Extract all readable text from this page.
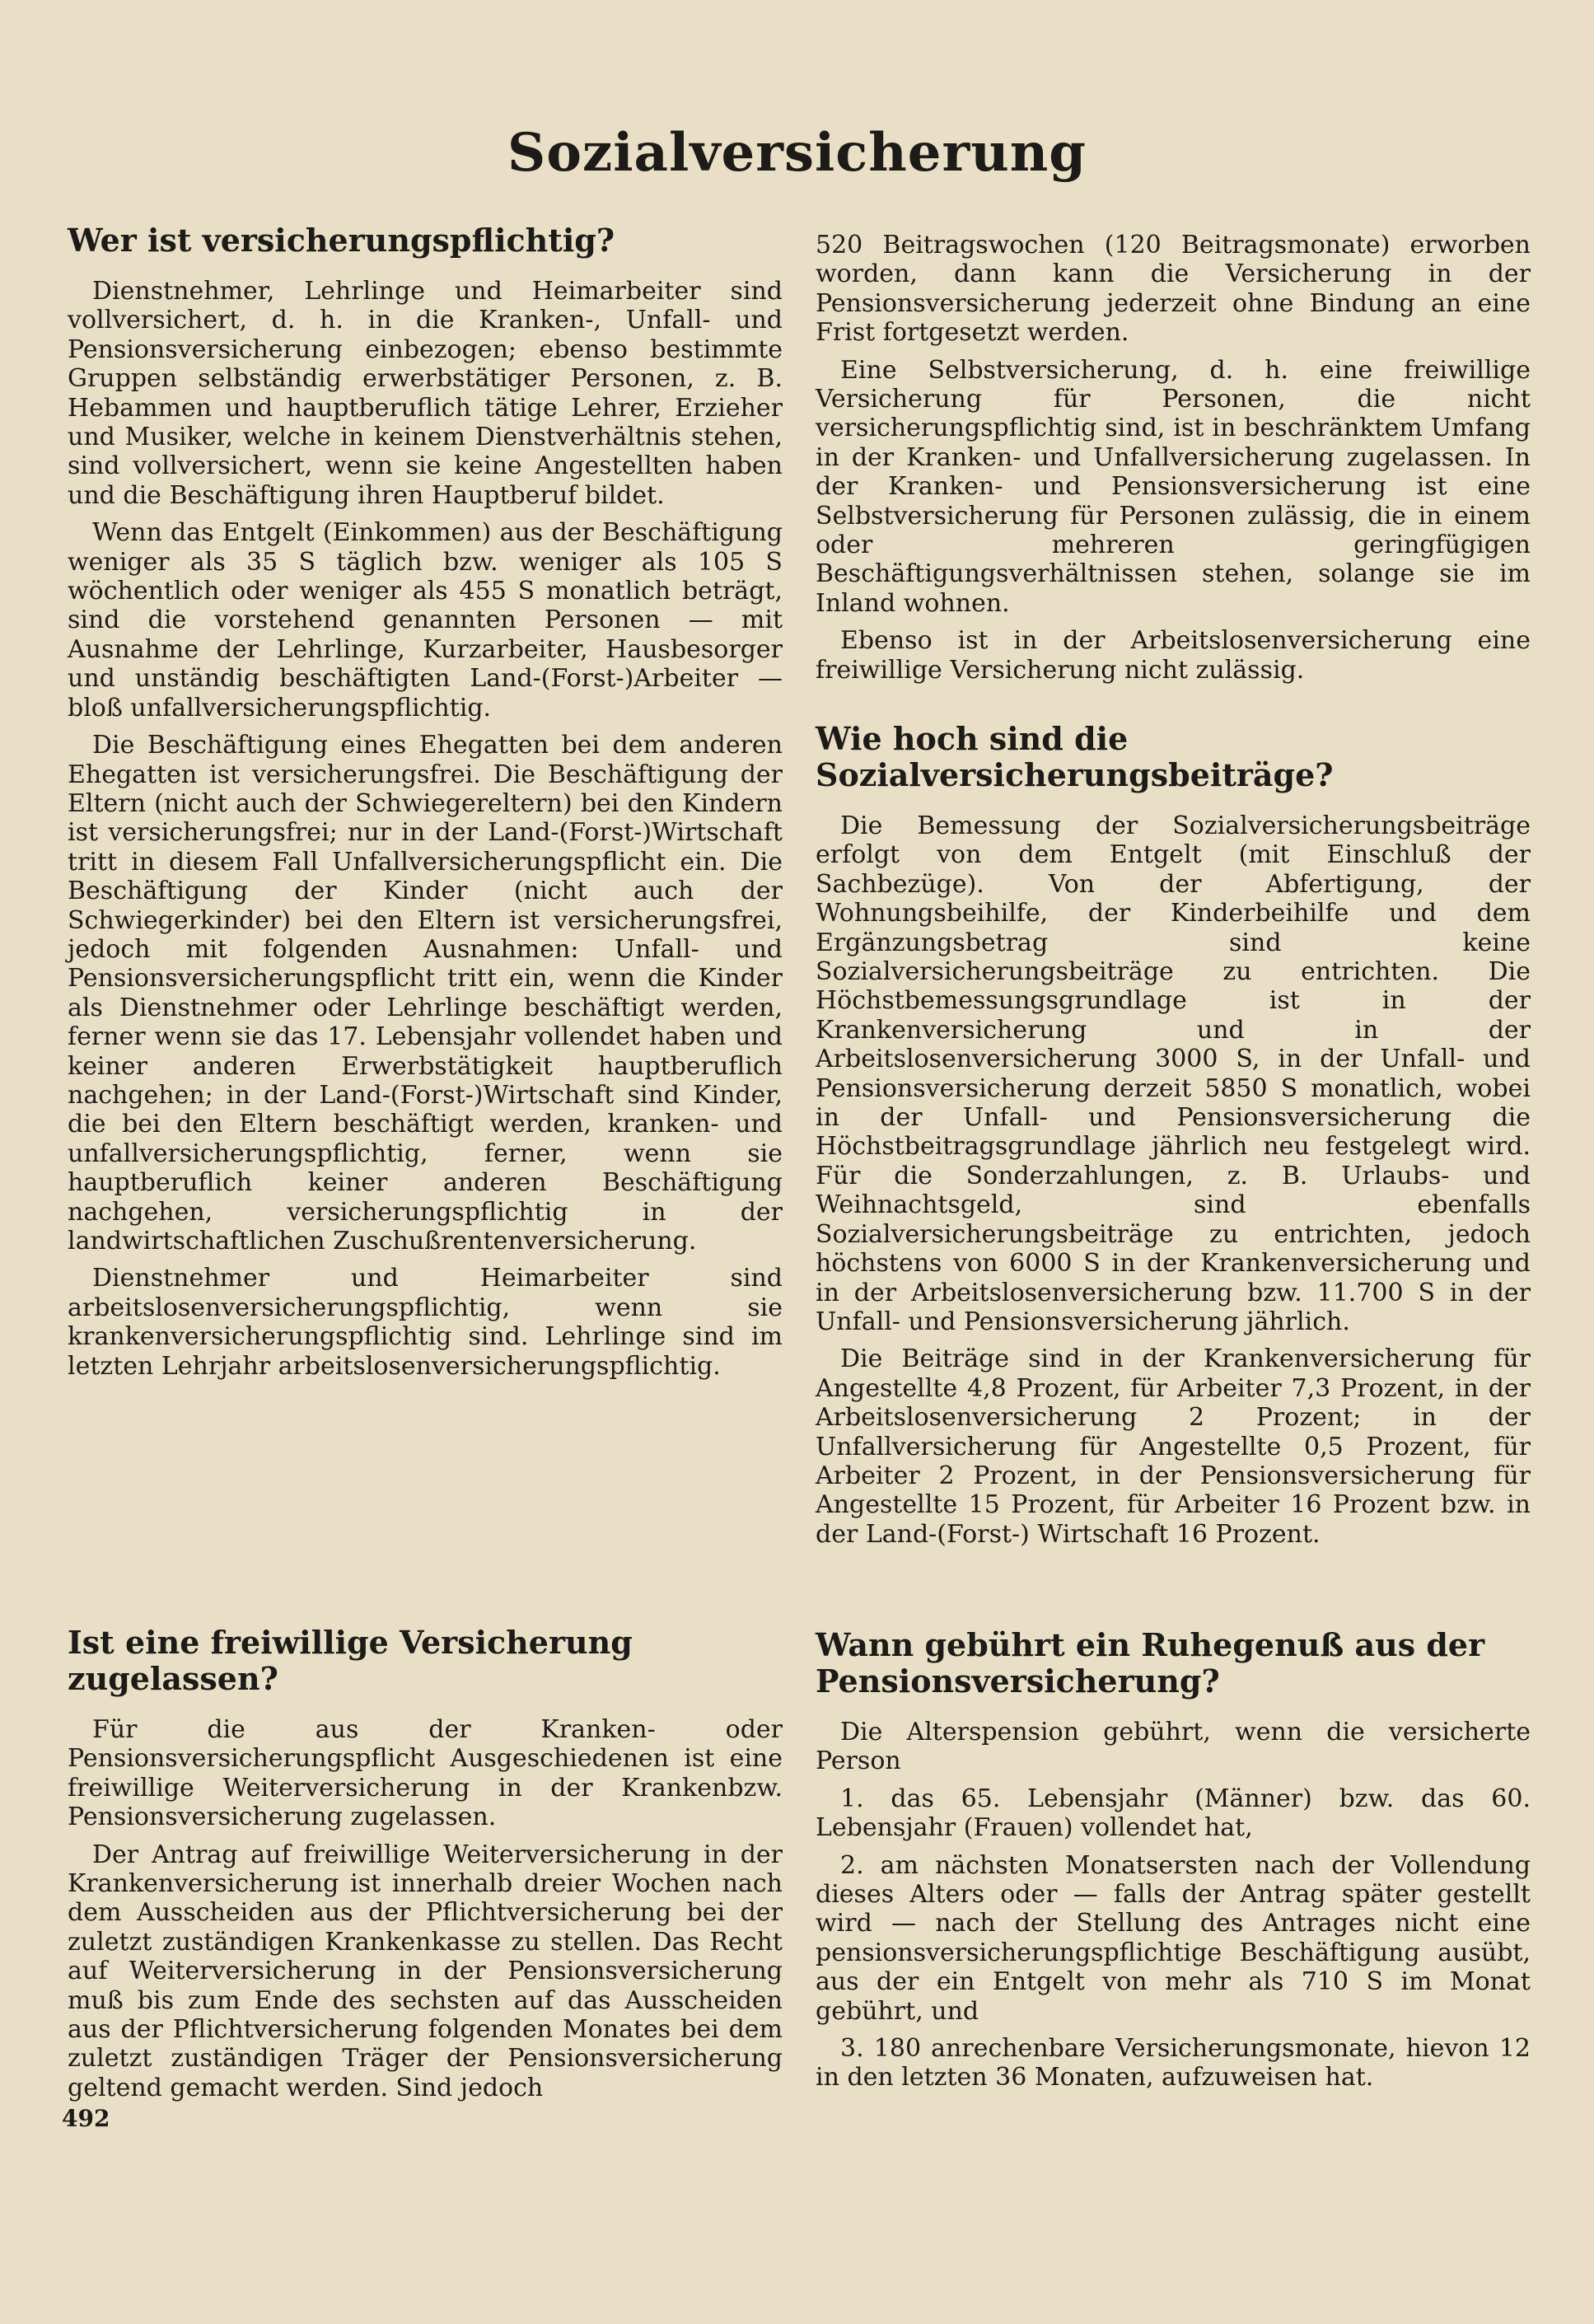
Sozialversicherung
Wer ist versicherungspflichtig?

Dienstnehmer, Lehrlinge und Heimarbeiter sind vollversichert, d. h. in die Kranken-, Unfall- und Pensionsversicherung einbezogen; ebenso bestimmte Gruppen selbständig erwerbstätiger Personen, z. B. Hebammen und hauptberuflich tätige Lehrer, Erzieher und Musiker, welche in keinem Dienstverhältnis stehen, sind vollversichert, wenn sie keine Angestellten haben und die Beschäftigung ihren Hauptberuf bildet.

Wenn das Entgelt (Einkommen) aus der Beschäftigung weniger als 35 S täglich bzw. weniger als 105 S wöchentlich oder weniger als 455 S monatlich beträgt, sind die vorstehend genannten Personen — mit Ausnahme der Lehrlinge, Kurzarbeiter, Hausbesorger und unständig beschäftigten Land-(Forst-)Arbeiter — bloß unfallversicherungspflichtig.

Die Beschäftigung eines Ehegatten bei dem anderen Ehegatten ist versicherungsfrei. Die Beschäftigung der Eltern (nicht auch der Schwiegereltern) bei den Kindern ist versicherungsfrei; nur in der Land-(Forst-)Wirtschaft tritt in diesem Fall Unfallversicherungspflicht ein. Die Beschäftigung der Kinder (nicht auch der Schwiegerkinder) bei den Eltern ist versicherungsfrei, jedoch mit folgenden Ausnahmen: Unfall- und Pensionsversicherungspflicht tritt ein, wenn die Kinder als Dienstnehmer oder Lehrlinge beschäftigt werden, ferner wenn sie das 17. Lebensjahr vollendet haben und keiner anderen Erwerbstätigkeit hauptberuflich nachgehen; in der Land-(Forst-)Wirtschaft sind Kinder, die bei den Eltern beschäftigt werden, kranken- und unfallversicherungspflichtig, ferner, wenn sie hauptberuflich keiner anderen Beschäftigung nachgehen, versicherungspflichtig in der landwirtschaftlichen Zuschußrentenversicherung.

Dienstnehmer und Heimarbeiter sind arbeitslosenversicherungspflichtig, wenn sie krankenversicherungspflichtig sind. Lehrlinge sind im letzten Lehrjahr arbeitslosenversicherungspflichtig.

Ist eine freiwillige Versicherung zugelassen?

Für die aus der Kranken- oder Pensionsversicherungspflicht Ausgeschiedenen ist eine freiwillige Weiterversicherung in der Krankenbzw. Pensionsversicherung zugelassen.

Der Antrag auf freiwillige Weiterversicherung in der Krankenversicherung ist innerhalb dreier Wochen nach dem Ausscheiden aus der Pflichtversicherung bei der zuletzt zuständigen Krankenkasse zu stellen. Das Recht auf Weiterversicherung in der Pensionsversicherung muß bis zum Ende des sechsten auf das Ausscheiden aus der Pflichtversicherung folgenden Monates bei dem zuletzt zuständigen Träger der Pensionsversicherung geltend gemacht werden. Sind jedoch

520 Beitragswochen (120 Beitragsmonate) erworben worden, dann kann die Versicherung in der Pensionsversicherung jederzeit ohne Bindung an eine Frist fortgesetzt werden.

Eine Selbstversicherung, d. h. eine freiwillige Versicherung für Personen, die nicht versicherungspflichtig sind, ist in beschränktem Umfang in der Kranken- und Unfallversicherung zugelassen. In der Kranken- und Pensionsversicherung ist eine Selbstversicherung für Personen zulässig, die in einem oder mehreren geringfügigen Beschäftigungsverhältnissen stehen, solange sie im Inland wohnen.

Ebenso ist in der Arbeitslosenversicherung eine freiwillige Versicherung nicht zulässig.

Wie hoch sind die Sozialversicherungsbeiträge?

Die Bemessung der Sozialversicherungsbeiträge erfolgt von dem Entgelt (mit Einschluß der Sachbezüge). Von der Abfertigung, der Wohnungsbeihilfe, der Kinderbeihilfe und dem Ergänzungsbetrag sind keine Sozialversicherungsbeiträge zu entrichten. Die Höchstbemessungsgrundlage ist in der Krankenversicherung und in der Arbeitslosenversicherung 3000 S, in der Unfall- und Pensionsversicherung derzeit 5850 S monatlich, wobei in der Unfall- und Pensionsversicherung die Höchstbeitragsgrundlage jährlich neu festgelegt wird. Für die Sonderzahlungen, z. B. Urlaubs- und Weihnachtsgeld, sind ebenfalls Sozialversicherungsbeiträge zu entrichten, jedoch höchstens von 6000 S in der Krankenversicherung und in der Arbeitslosenversicherung bzw. 11.700 S in der Unfall- und Pensionsversicherung jährlich.

Die Beiträge sind in der Krankenversicherung für Angestellte 4,8 Prozent, für Arbeiter 7,3 Prozent, in der Arbeitslosenversicherung 2 Prozent; in der Unfallversicherung für Angestellte 0,5 Prozent, für Arbeiter 2 Prozent, in der Pensionsversicherung für Angestellte 15 Prozent, für Arbeiter 16 Prozent bzw. in der Land-(Forst-) Wirtschaft 16 Prozent.

Wann gebührt ein Ruhegenuß aus der Pensionsversicherung?

Die Alterspension gebührt, wenn die versicherte Person

1. das 65. Lebensjahr (Männer) bzw. das 60. Lebensjahr (Frauen) vollendet hat,

2. am nächsten Monatsersten nach der Vollendung dieses Alters oder — falls der Antrag später gestellt wird — nach der Stellung des Antrages nicht eine pensionsversicherungspflichtige Beschäftigung ausübt, aus der ein Entgelt von mehr als 710 S im Monat gebührt, und

3. 180 anrechenbare Versicherungsmonate, hievon 12 in den letzten 36 Monaten, aufzuweisen hat.

492
